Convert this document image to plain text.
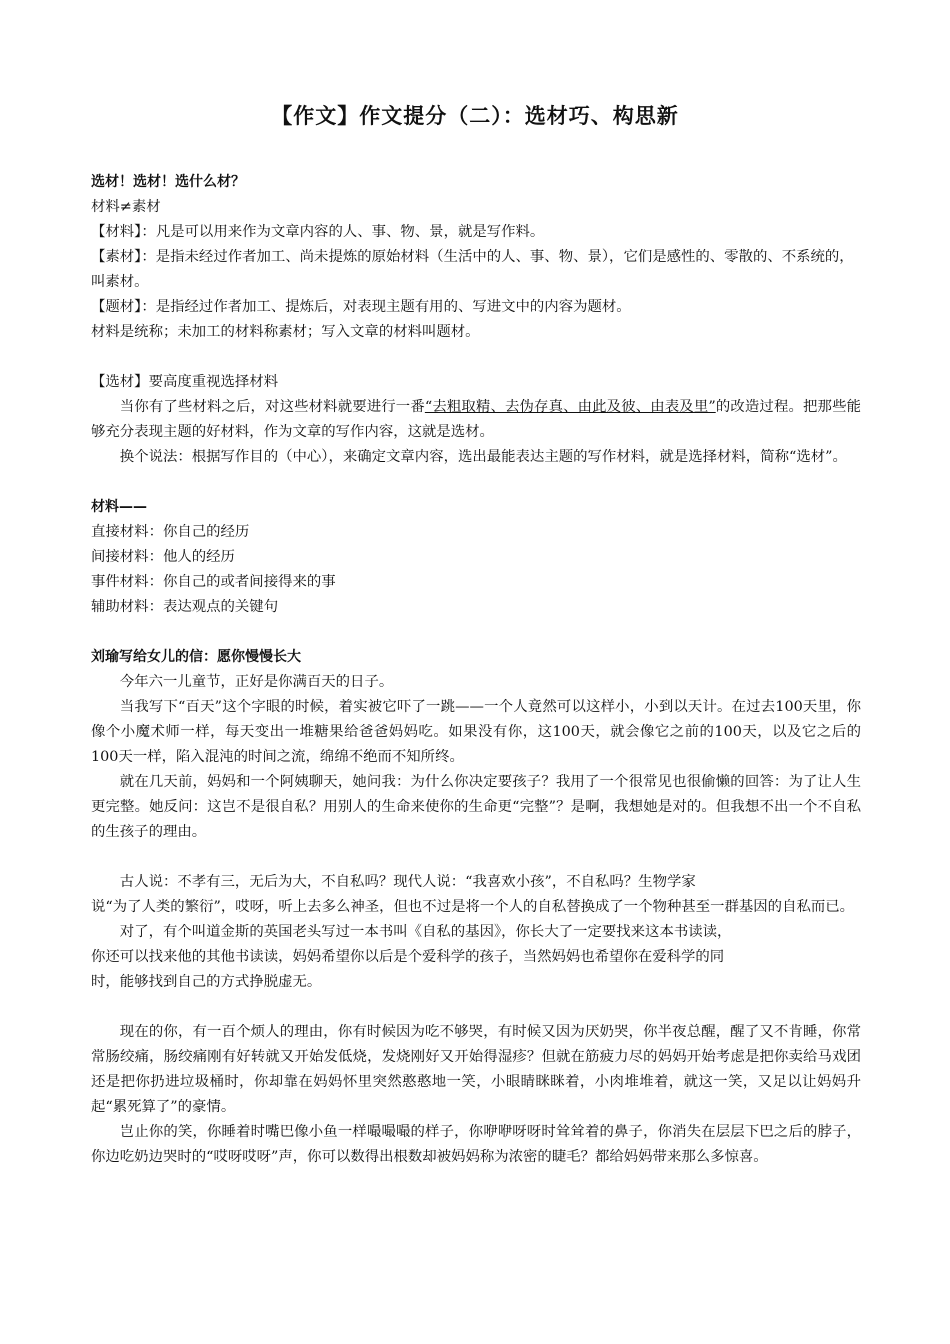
【作文】作文提分（二）：选材巧、构思新

选材！选材！选什么材？

材料≠素材

【材料】：凡是可以用来作为文章内容的人、事、物、景，就是写作料。

【素材】：是指未经过作者加工、尚未提炼的原始材料（生活中的人、事、物、景），它们是感性的、零散的、不系统的，叫素材。

【题材】：是指经过作者加工、提炼后，对表现主题有用的、写进文中的内容为题材。

材料是统称；未加工的材料称素材；写入文章的材料叫题材。

【选材】要高度重视选择材料

当你有了些材料之后，对这些材料就要进行一番“去粗取精、去伪存真、由此及彼、由表及里”的改造过程。把那些能够充分表现主题的好材料，作为文章的写作内容，这就是选材。

换个说法：根据写作目的（中心），来确定文章内容，选出最能表达主题的写作材料，就是选择材料，简称“选材”。

材料——

直接材料：你自己的经历

间接材料：他人的经历

事件材料：你自己的或者间接得来的事

辅助材料：表达观点的关键句

刘瑜写给女儿的信：愿你慢慢长大

今年六一儿童节，正好是你满百天的日子。

当我写下“百天”这个字眼的时候，着实被它吓了一跳——一个人竟然可以这样小，小到以天计。在过去100天里，你像个小魔术师一样，每天变出一堆糖果给爸爸妈妈吃。如果没有你，这100天，就会像它之前的100天，以及它之后的100天一样，陷入混沌的时间之流，绵绵不绝而不知所终。

就在几天前，妈妈和一个阿姨聊天，她问我：为什么你决定要孩子？我用了一个很常见也很偷懒的回答：为了让人生更完整。她反问：这岂不是很自私？用别人的生命来使你的生命更“完整”？是啊，我想她是对的。但我想不出一个不自私的生孩子的理由。

古人说：不孝有三，无后为大，不自私吗？现代人说：“我喜欢小孩”，不自私吗？生物学家
说“为了人类的繁衍”，哎呀，听上去多么神圣，但也不过是将一个人的自私替换成了一个物种甚至一群基因的自私而已。

对了，有个叫道金斯的英国老头写过一本书叫《自私的基因》，你长大了一定要找来这本书读读，
你还可以找来他的其他书读读，妈妈希望你以后是个爱科学的孩子，当然妈妈也希望你在爱科学的同
时，能够找到自己的方式挣脱虚无。

现在的你，有一百个烦人的理由，你有时候因为吃不够哭，有时候又因为厌奶哭，你半夜总醒，醒了又不肯睡，你常常肠绞痛，肠绞痛刚有好转就又开始发低烧，发烧刚好又开始得湿疹？但就在筋疲力尽的妈妈开始考虑是把你卖给马戏团还是把你扔进垃圾桶时，你却靠在妈妈怀里突然憨憨地一笑，小眼睛眯眯着，小肉堆堆着，就这一笑，又足以让妈妈升起“累死算了”的豪情。

岂止你的笑，你睡着时嘴巴像小鱼一样嘬嘬嘬的样子，你咿咿呀呀时耸耸着的鼻子，你消失在层层下巴之后的脖子，你边吃奶边哭时的“哎呀哎呀”声，你可以数得出根数却被妈妈称为浓密的睫毛？都给妈妈带来那么多惊喜。
